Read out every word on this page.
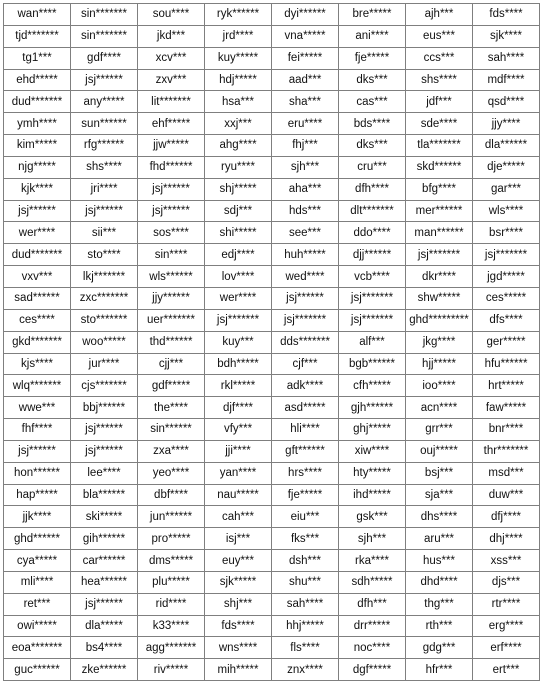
wan****	sin*******	sou****	ryk******	dyi******	bre*****	ajh***	fds****
tjd*******	sin*******	jkd***	jrd****	vna*****	ani****	eus***	sjk****
tg1***	gdf****	xcv***	kuy*****	fei*****	fje*****	ccs***	sah****
ehd*****	jsj******	zxv***	hdj*****	aad***	dks***	shs****	mdf****
dud*******	any*****	lit*******	hsa***	sha***	cas***	jdf***	qsd****
ymh****	sun******	ehf*****	xxj***	eru****	bds****	sde****	jjy****
kim*****	rfg******	jjw*****	ahg****	fhj***	dks***	tla*******	dla******
njg*****	shs****	fhd******	ryu****	sjh***	cru***	skd******	dje*****
kjk****	jri****	jsj******	shj*****	aha***	dfh****	bfg****	gar***
jsj******	jsj******	jsj******	sdj***	hds***	dlt*******	mer******	wls****
wer****	sii***	sos****	shi*****	see***	ddo****	man******	bsr****
dud*******	sto****	sin****	edj****	huh*****	djj******	jsj*******	jsj*******
vxv***	lkj*******	wls******	lov****	wed****	vcb****	dkr****	jgd*****
sad******	zxc*******	jjy******	wer****	jsj******	jsj*******	shw*****	ces*****
ces****	sto*******	uer*******	jsj*******	jsj*******	jsj*******	ghd*********	dfs****
gkd*******	woo*****	thd******	kuy***	dds*******	alf***	jkg****	ger*****
kjs****	jur****	cjj***	bdh*****	cjf***	bgb******	hjj*****	hfu******
wlq*******	cjs*******	gdf*****	rkl*****	adk****	cfh*****	ioo****	hrt*****
wwe***	bbj******	the****	djf****	asd*****	gjh******	acn****	faw*****
fhf****	jsj******	sin******	vfy***	hli****	ghj*****	grr***	bnr****
jsj******	jsj******	zxa****	jji****	gft******	xiw****	ouj*****	thr*******
hon******	lee****	yeo****	yan****	hrs****	hty*****	bsj***	msd***
hap*****	bla******	dbf****	nau*****	fje*****	ihd*****	sja***	duw***
jjk****	ski*****	jun******	cah***	eiu***	gsk***	dhs****	dfj****
ghd******	gih******	pro*****	isj***	fks***	sjh***	aru***	dhj****
cya*****	car******	dms*****	euy***	dsh***	rka****	hus***	xss***
mli****	hea******	plu*****	sjk*****	shu***	sdh*****	dhd****	djs***
ret***	jsj******	rid****	shj***	sah****	dfh***	thg***	rtr****
owi*****	dla*****	k33****	fds****	hhj*****	drr*****	rth***	erg****
eoa*******	bs4****	agg*******	wns****	fls****	noc****	gdg***	erf****
guc******	zke******	riv*****	mih*****	znx****	dgf*****	hfr***	ert***
